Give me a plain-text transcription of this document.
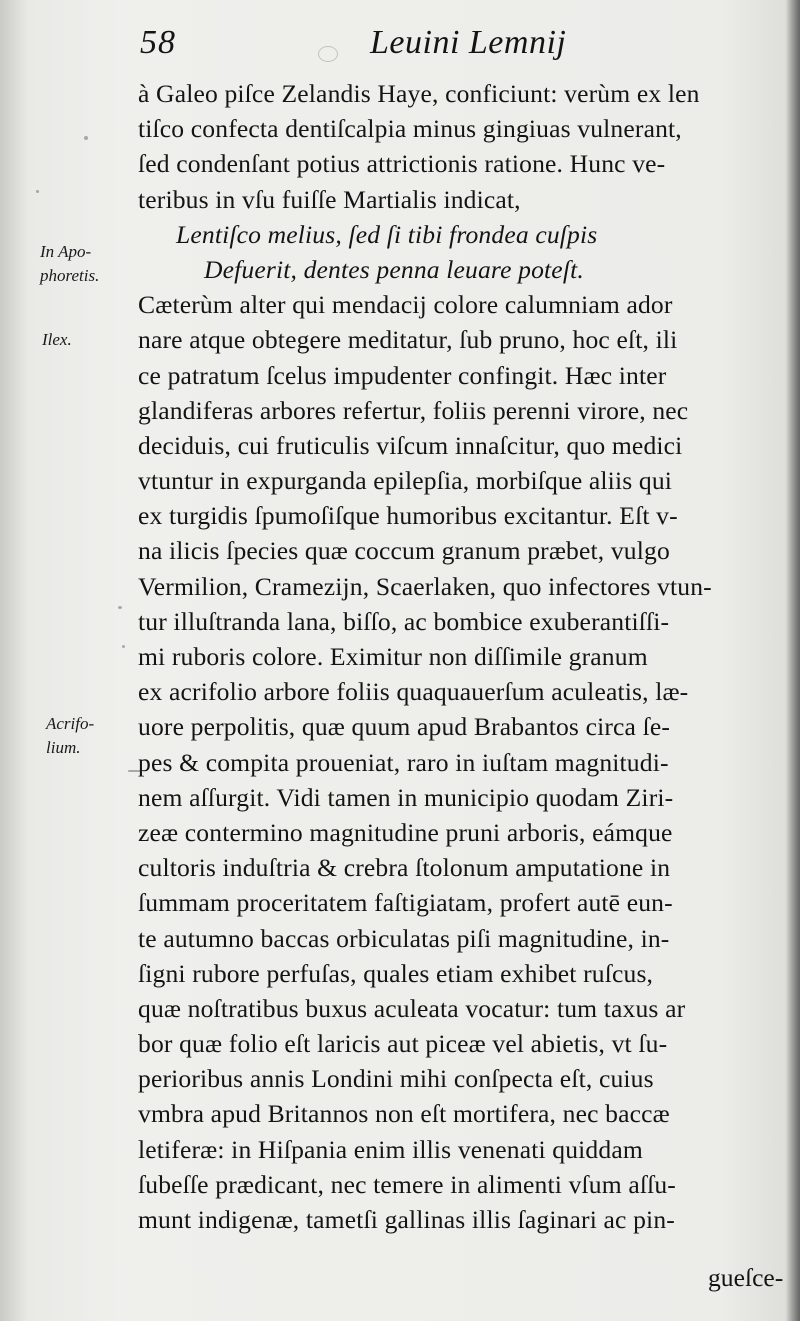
58	Leuini Lemnij
In Apo-
phoretis.
Ilex.
Acrifo-
lium.
à Galeo piſce Zelandis Haye, conficiunt: verùm ex len
tiſco confecta dentiſcalpia minus gingiuas vulnerant,
ſed condenſant potius attrictionis ratione. Hunc ve-
teribus in vſu fuiſſe Martialis indicat,
Lentiſco melius, ſed ſi tibi frondea cuſpis
Defuerit, dentes penna leuare poteſt.
Cæterùm alter qui mendacij colore calumniam ador
nare atque obtegere meditatur, ſub pruno, hoc eſt, ili
ce patratum ſcelus impudenter confingit. Hæc inter
glandiferas arbores refertur, foliis perenni virore, nec
deciduis, cui fruticulis viſcum innaſcitur, quo medici
vtuntur in expurganda epilepſia, morbiſque aliis qui
ex turgidis ſpumoſiſque humoribus excitantur. Eſt v-
na ilicis ſpecies quæ coccum granum præbet, vulgo
Vermilion, Cramezijn, Scaerlaken, quo infectores vtun-
tur illuſtranda lana, biſſo, ac bombice exuberantiſſi-
mi ruboris colore. Eximitur non diſſimile granum
ex acrifolio arbore foliis quaquauerſum aculeatis, læ-
uore perpolitis, quæ quum apud Brabantos circa ſe-
pes & compita proueniat, raro in iuſtam magnitudi-
nem aſſurgit. Vidi tamen in municipio quodam Ziri-
zeæ contermino magnitudine pruni arboris, eámque
cultoris induſtria & crebra ſtolonum amputatione in
ſummam proceritatem faſtigiatam, profert autē eun-
te autumno baccas orbiculatas piſi magnitudine, in-
ſigni rubore perfuſas, quales etiam exhibet ruſcus,
quæ noſtratibus buxus aculeata vocatur: tum taxus ar
bor quæ folio eſt laricis aut piceæ vel abietis, vt ſu-
perioribus annis Londini mihi conſpecta eſt, cuius
vmbra apud Britannos non eſt mortifera, nec baccæ
letiferæ: in Hiſpania enim illis venenati quiddam
ſubeſſe prædicant, nec temere in alimenti vſum aſſu-
munt indigenæ, tametſi gallinas illis ſaginari ac pin-
gueſce-
